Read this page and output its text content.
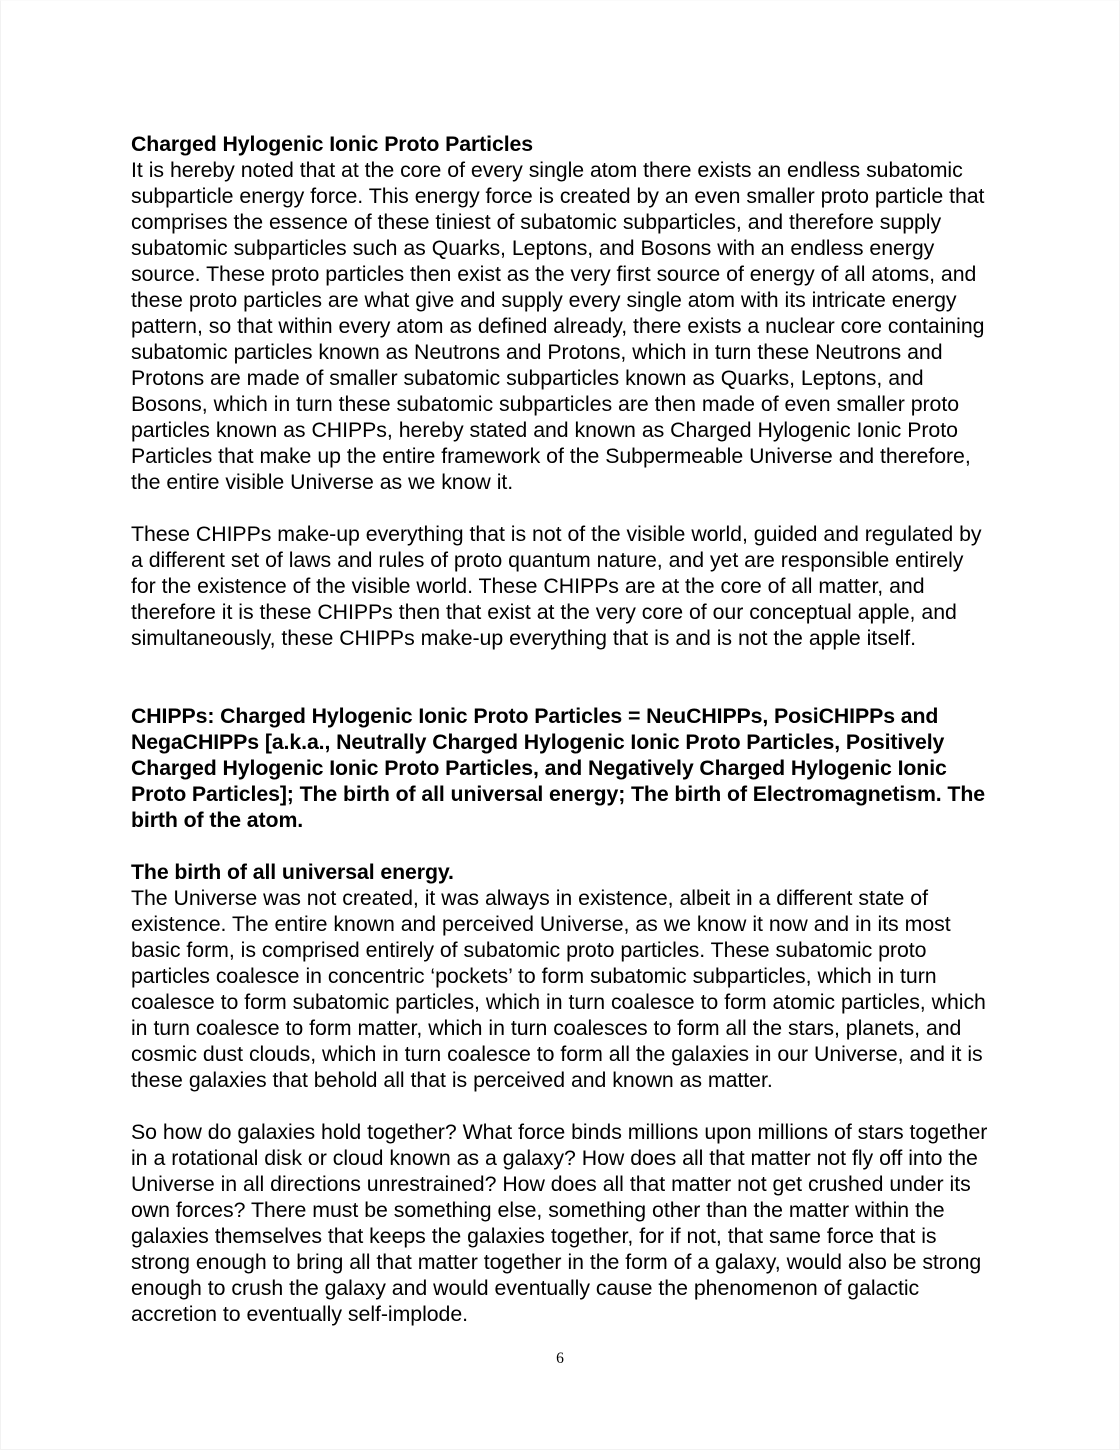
Charged Hylogenic Ionic Proto Particles

It is hereby noted that at the core of every single atom there exists an endless subatomic subparticle energy force. This energy force is created by an even smaller proto particle that comprises the essence of these tiniest of subatomic subparticles, and therefore supply subatomic subparticles such as Quarks, Leptons, and Bosons with an endless energy source. These proto particles then exist as the very first source of energy of all atoms, and these proto particles are what give and supply every single atom with its intricate energy pattern, so that within every atom as defined already, there exists a nuclear core containing subatomic particles known as Neutrons and Protons, which in turn these Neutrons and Protons are made of smaller subatomic subparticles known as Quarks, Leptons, and Bosons, which in turn these subatomic subparticles are then made of even smaller proto particles known as CHIPPs, hereby stated and known as Charged Hylogenic Ionic Proto Particles that make up the entire framework of the Subpermeable Universe and therefore, the entire visible Universe as we know it.

These CHIPPs make-up everything that is not of the visible world, guided and regulated by a different set of laws and rules of proto quantum nature, and yet are responsible entirely for the existence of the visible world. These CHIPPs are at the core of all matter, and therefore it is these CHIPPs then that exist at the very core of our conceptual apple, and simultaneously, these CHIPPs make-up everything that is and is not the apple itself.

CHIPPs: Charged Hylogenic Ionic Proto Particles = NeuCHIPPs, PosiCHIPPs and NegaCHIPPs [a.k.a., Neutrally Charged Hylogenic Ionic Proto Particles, Positively Charged Hylogenic Ionic Proto Particles, and Negatively Charged Hylogenic Ionic Proto Particles]; The birth of all universal energy; The birth of Electromagnetism. The birth of the atom.

The birth of all universal energy.

The Universe was not created, it was always in existence, albeit in a different state of existence. The entire known and perceived Universe, as we know it now and in its most basic form, is comprised entirely of subatomic proto particles. These subatomic proto particles coalesce in concentric ‘pockets’ to form subatomic subparticles, which in turn coalesce to form subatomic particles, which in turn coalesce to form atomic particles, which in turn coalesce to form matter, which in turn coalesces to form all the stars, planets, and cosmic dust clouds, which in turn coalesce to form all the galaxies in our Universe, and it is these galaxies that behold all that is perceived and known as matter.

So how do galaxies hold together? What force binds millions upon millions of stars together in a rotational disk or cloud known as a galaxy? How does all that matter not fly off into the Universe in all directions unrestrained? How does all that matter not get crushed under its own forces? There must be something else, something other than the matter within the galaxies themselves that keeps the galaxies together, for if not, that same force that is strong enough to bring all that matter together in the form of a galaxy, would also be strong enough to crush the galaxy and would eventually cause the phenomenon of galactic accretion to eventually self-implode.

6
